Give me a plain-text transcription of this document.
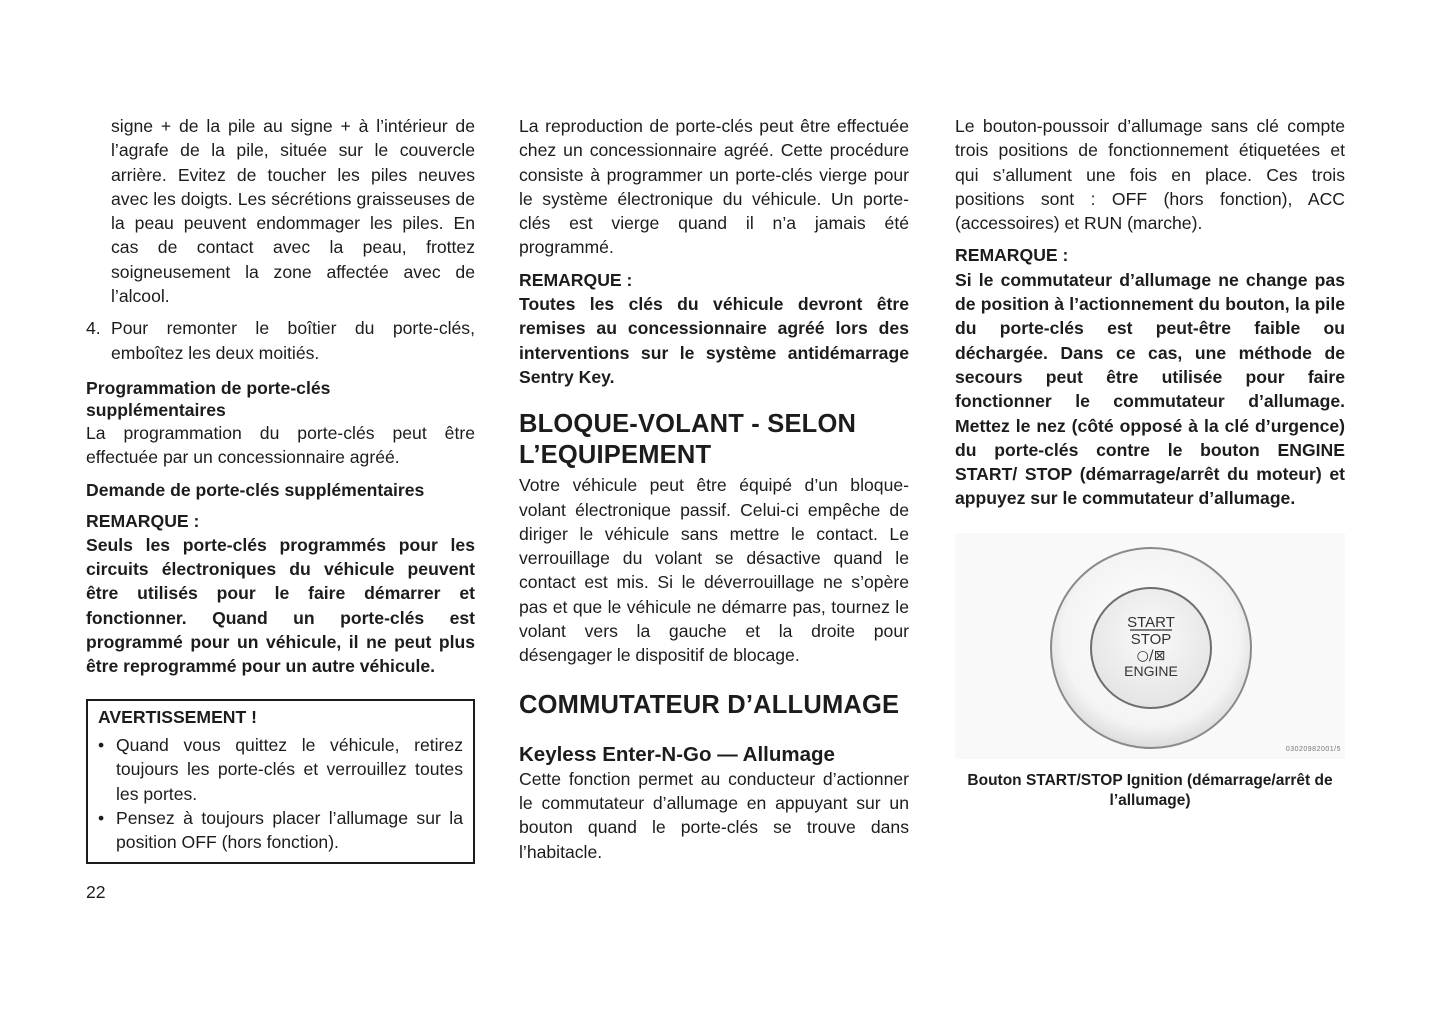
signe + de la pile au signe + à l’intérieur de l’agrafe de la pile, située sur le couvercle arrière. Evitez de toucher les piles neuves avec les doigts. Les sécrétions graisseuses de la peau peuvent endommager les piles. En cas de contact avec la peau, frottez soigneusement la zone affectée avec de l’alcool.

4. Pour remonter le boîtier du porte-clés, emboîtez les deux moitiés.
Programmation de porte-clés supplémentaires

La programmation du porte-clés peut être effectuée par un concessionnaire agréé.

Demande de porte-clés supplémentaires
REMARQUE :

Seuls les porte-clés programmés pour les circuits électroniques du véhicule peuvent être utilisés pour le faire démarrer et fonctionner. Quand un porte-clés est programmé pour un véhicule, il ne peut plus être reprogrammé pour un autre véhicule.

AVERTISSEMENT !
• Quand vous quittez le véhicule, retirez toujours les porte-clés et verrouillez toutes les portes.
• Pensez à toujours placer l’allumage sur la position OFF (hors fonction).

La reproduction de porte-clés peut être effectuée chez un concessionnaire agréé. Cette procédure consiste à programmer un porte-clés vierge pour le système électronique du véhicule. Un porte-clés est vierge quand il n’a jamais été programmé.

REMARQUE :

Toutes les clés du véhicule devront être remises au concessionnaire agréé lors des interventions sur le système antidémarrage Sentry Key.

BLOQUE-VOLANT - SELON
L’EQUIPEMENT

Votre véhicule peut être équipé d’un bloque-volant électronique passif. Celui-ci empêche de diriger le véhicule sans mettre le contact. Le verrouillage du volant se désactive quand le contact est mis. Si le déverrouillage ne s’opère pas et que le véhicule ne démarre pas, tournez le volant vers la gauche et la droite pour désengager le dispositif de blocage.

COMMUTATEUR D’ALLUMAGE
Keyless Enter-N-Go — Allumage

Cette fonction permet au conducteur d’actionner le commutateur d’allumage en appuyant sur un bouton quand le porte-clés se trouve dans l’habitacle.

Le bouton-poussoir d’allumage sans clé compte trois positions de fonctionnement étiquetées et qui s’allument une fois en place. Ces trois positions sont : OFF (hors fonction), ACC (accessoires) et RUN (marche).

REMARQUE :

Si le commutateur d’allumage ne change pas de position à l’actionnement du bouton, la pile du porte-clés est peut-être faible ou déchargée. Dans ce cas, une méthode de secours peut être utilisée pour faire fonctionner le commutateur d’allumage. Mettez le nez (côté opposé à la clé d’urgence) du porte-clés contre le bouton ENGINE START/ STOP (démarrage/arrêt du moteur) et appuyez sur le commutateur d’allumage.

START
STOP
○/⊠
ENGINE
03020982001/5
Bouton START/STOP Ignition (démarrage/arrêt de l’allumage)
22
